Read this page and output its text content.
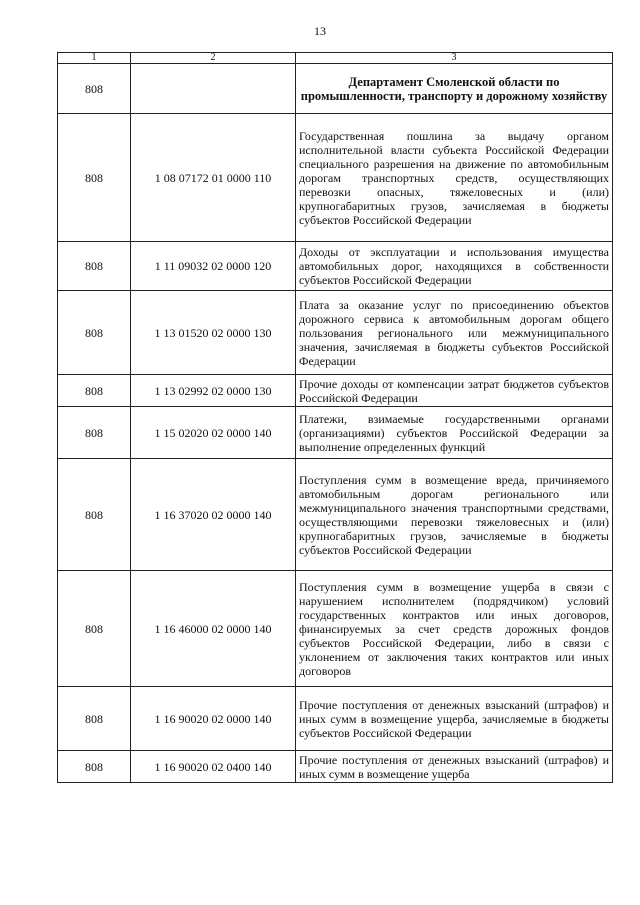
13
1	2	3
808		Департамент Смоленской области по промышленности, транспорту и дорожному хозяйству
808	1 08 07172 01 0000 110	Государственная пошлина за выдачу органом исполнительной власти субъекта Российской Федерации специального разрешения на движение по автомобильным дорогам транспортных средств, осуществляющих перевозки опасных, тяжеловесных и (или) крупногабаритных грузов, зачисляемая в бюджеты субъектов Российской Федерации
808	1 11 09032 02 0000 120	Доходы от эксплуатации и использования имущества автомобильных дорог, находящихся в собственности субъектов Российской Федерации
808	1 13 01520 02 0000 130	Плата за оказание услуг по присоединению объектов дорожного сервиса к автомобильным дорогам общего пользования регионального или межмуниципального значения, зачисляемая в бюджеты субъектов Российской Федерации
808	1 13 02992 02 0000 130	Прочие доходы от компенсации затрат бюджетов субъектов Российской Федерации
808	1 15 02020 02 0000 140	Платежи, взимаемые государственными органами (организациями) субъектов Российской Федерации за выполнение определенных функций
808	1 16 37020 02 0000 140	Поступления сумм в возмещение вреда, причиняемого автомобильным дорогам регионального или межмуниципального значения транспортными средствами, осуществляющими перевозки тяжеловесных и (или) крупногабаритных грузов, зачисляемые в бюджеты субъектов Российской Федерации
808	1 16 46000 02 0000 140	Поступления сумм в возмещение ущерба в связи с нарушением исполнителем (подрядчиком) условий государственных контрактов или иных договоров, финансируемых за счет средств дорожных фондов субъектов Российской Федерации, либо в связи с уклонением от заключения таких контрактов или иных договоров
808	1 16 90020 02 0000 140	Прочие поступления от денежных взысканий (штрафов) и иных сумм в возмещение ущерба, зачисляемые в бюджеты субъектов Российской Федерации
808	1 16 90020 02 0400 140	Прочие поступления от денежных взысканий (штрафов) и иных сумм в возмещение ущерба
